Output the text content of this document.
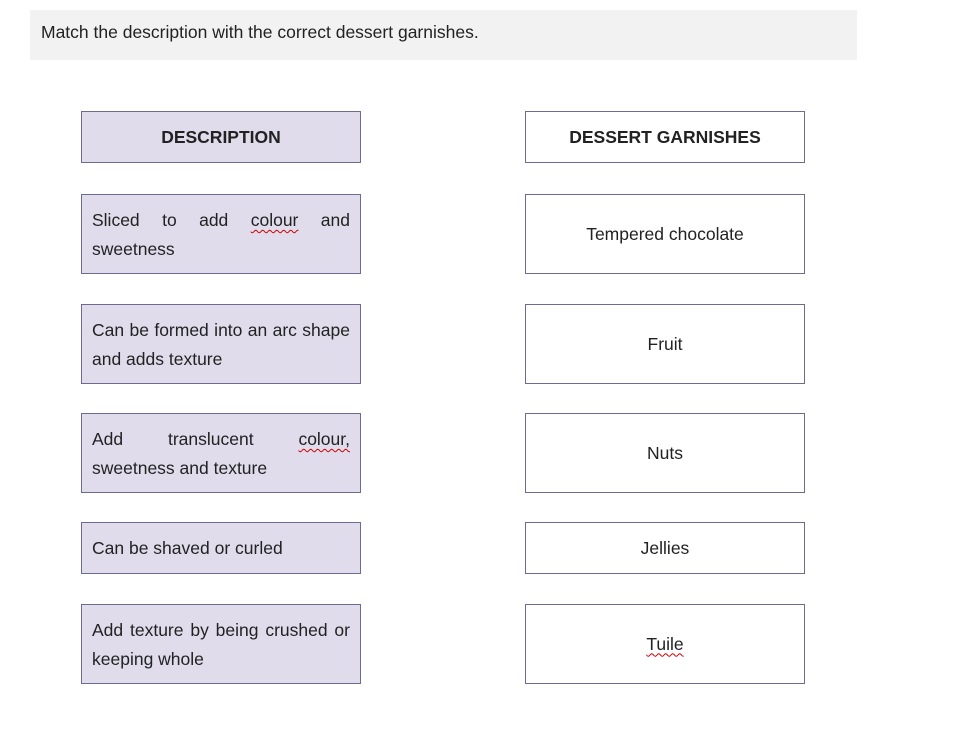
Match the description with the correct dessert garnishes.
DESCRIPTION	DESSERT GARNISHES
Sliced to add colour and sweetness
Tempered chocolate
Can be formed into an arc shape and adds texture
Fruit
Add translucent colour, sweetness and texture
Nuts
Can be shaved or curled	Jellies
Add texture by being crushed or keeping whole
Tuile
